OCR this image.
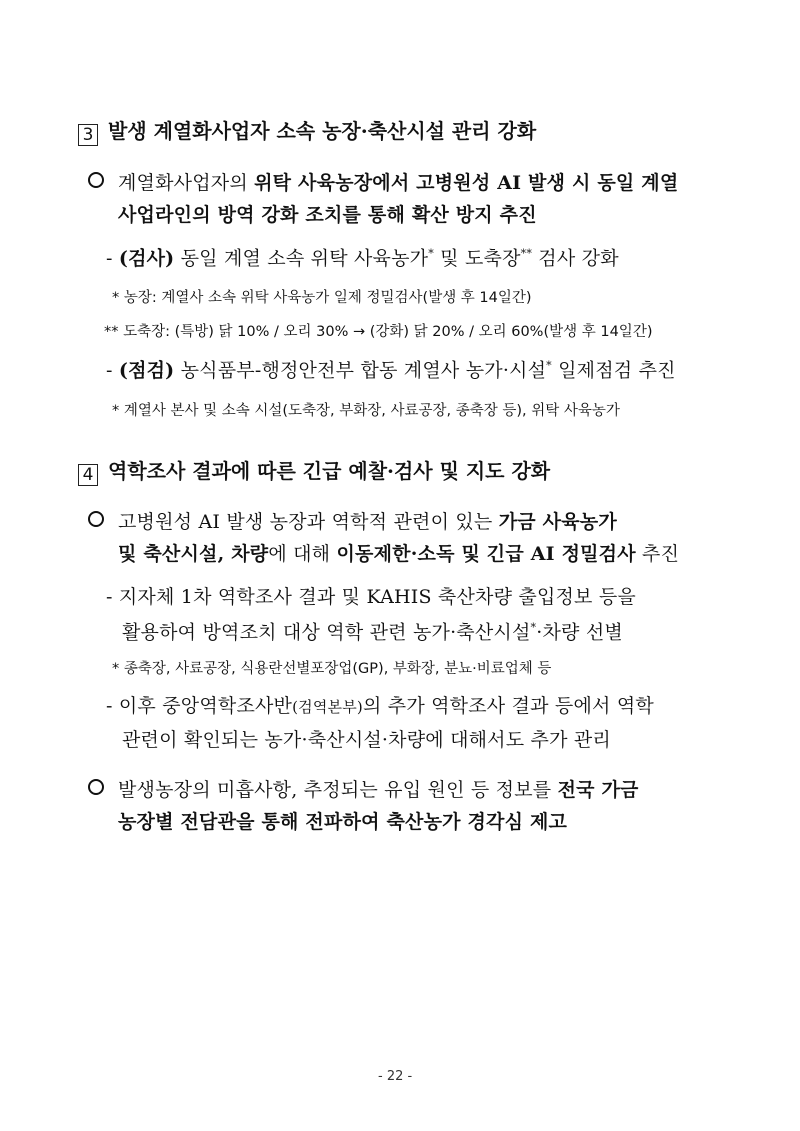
3 발생 계열화사업자 소속 농장·축산시설 관리 강화
계열화사업자의 위탁 사육농장에서 고병원성 AI 발생 시 동일 계열
사업라인의 방역 강화 조치를 통해 확산 방지 추진
- (검사) 동일 계열 소속 위탁 사육농가* 및 도축장** 검사 강화
* 농장: 계열사 소속 위탁 사육농가 일제 정밀검사(발생 후 14일간)
** 도축장: (특방) 닭 10% / 오리 30% → (강화) 닭 20% / 오리 60%(발생 후 14일간)
- (점검) 농식품부-행정안전부 합동 계열사 농가·시설* 일제점검 추진
* 계열사 본사 및 소속 시설(도축장, 부화장, 사료공장, 종축장 등), 위탁 사육농가
4 역학조사 결과에 따른 긴급 예찰·검사 및 지도 강화
고병원성 AI 발생 농장과 역학적 관련이 있는 가금 사육농가
및 축산시설, 차량에 대해 이동제한·소독 및 긴급 AI 정밀검사 추진
- 지자체 1차 역학조사 결과 및 KAHIS 축산차량 출입정보 등을
활용하여 방역조치 대상 역학 관련 농가·축산시설*·차량 선별
* 종축장, 사료공장, 식용란선별포장업(GP), 부화장, 분뇨·비료업체 등
- 이후 중앙역학조사반(검역본부)의 추가 역학조사 결과 등에서 역학
관련이 확인되는 농가·축산시설·차량에 대해서도 추가 관리
발생농장의 미흡사항, 추정되는 유입 원인 등 정보를 전국 가금
농장별 전담관을 통해 전파하여 축산농가 경각심 제고
- 22 -
